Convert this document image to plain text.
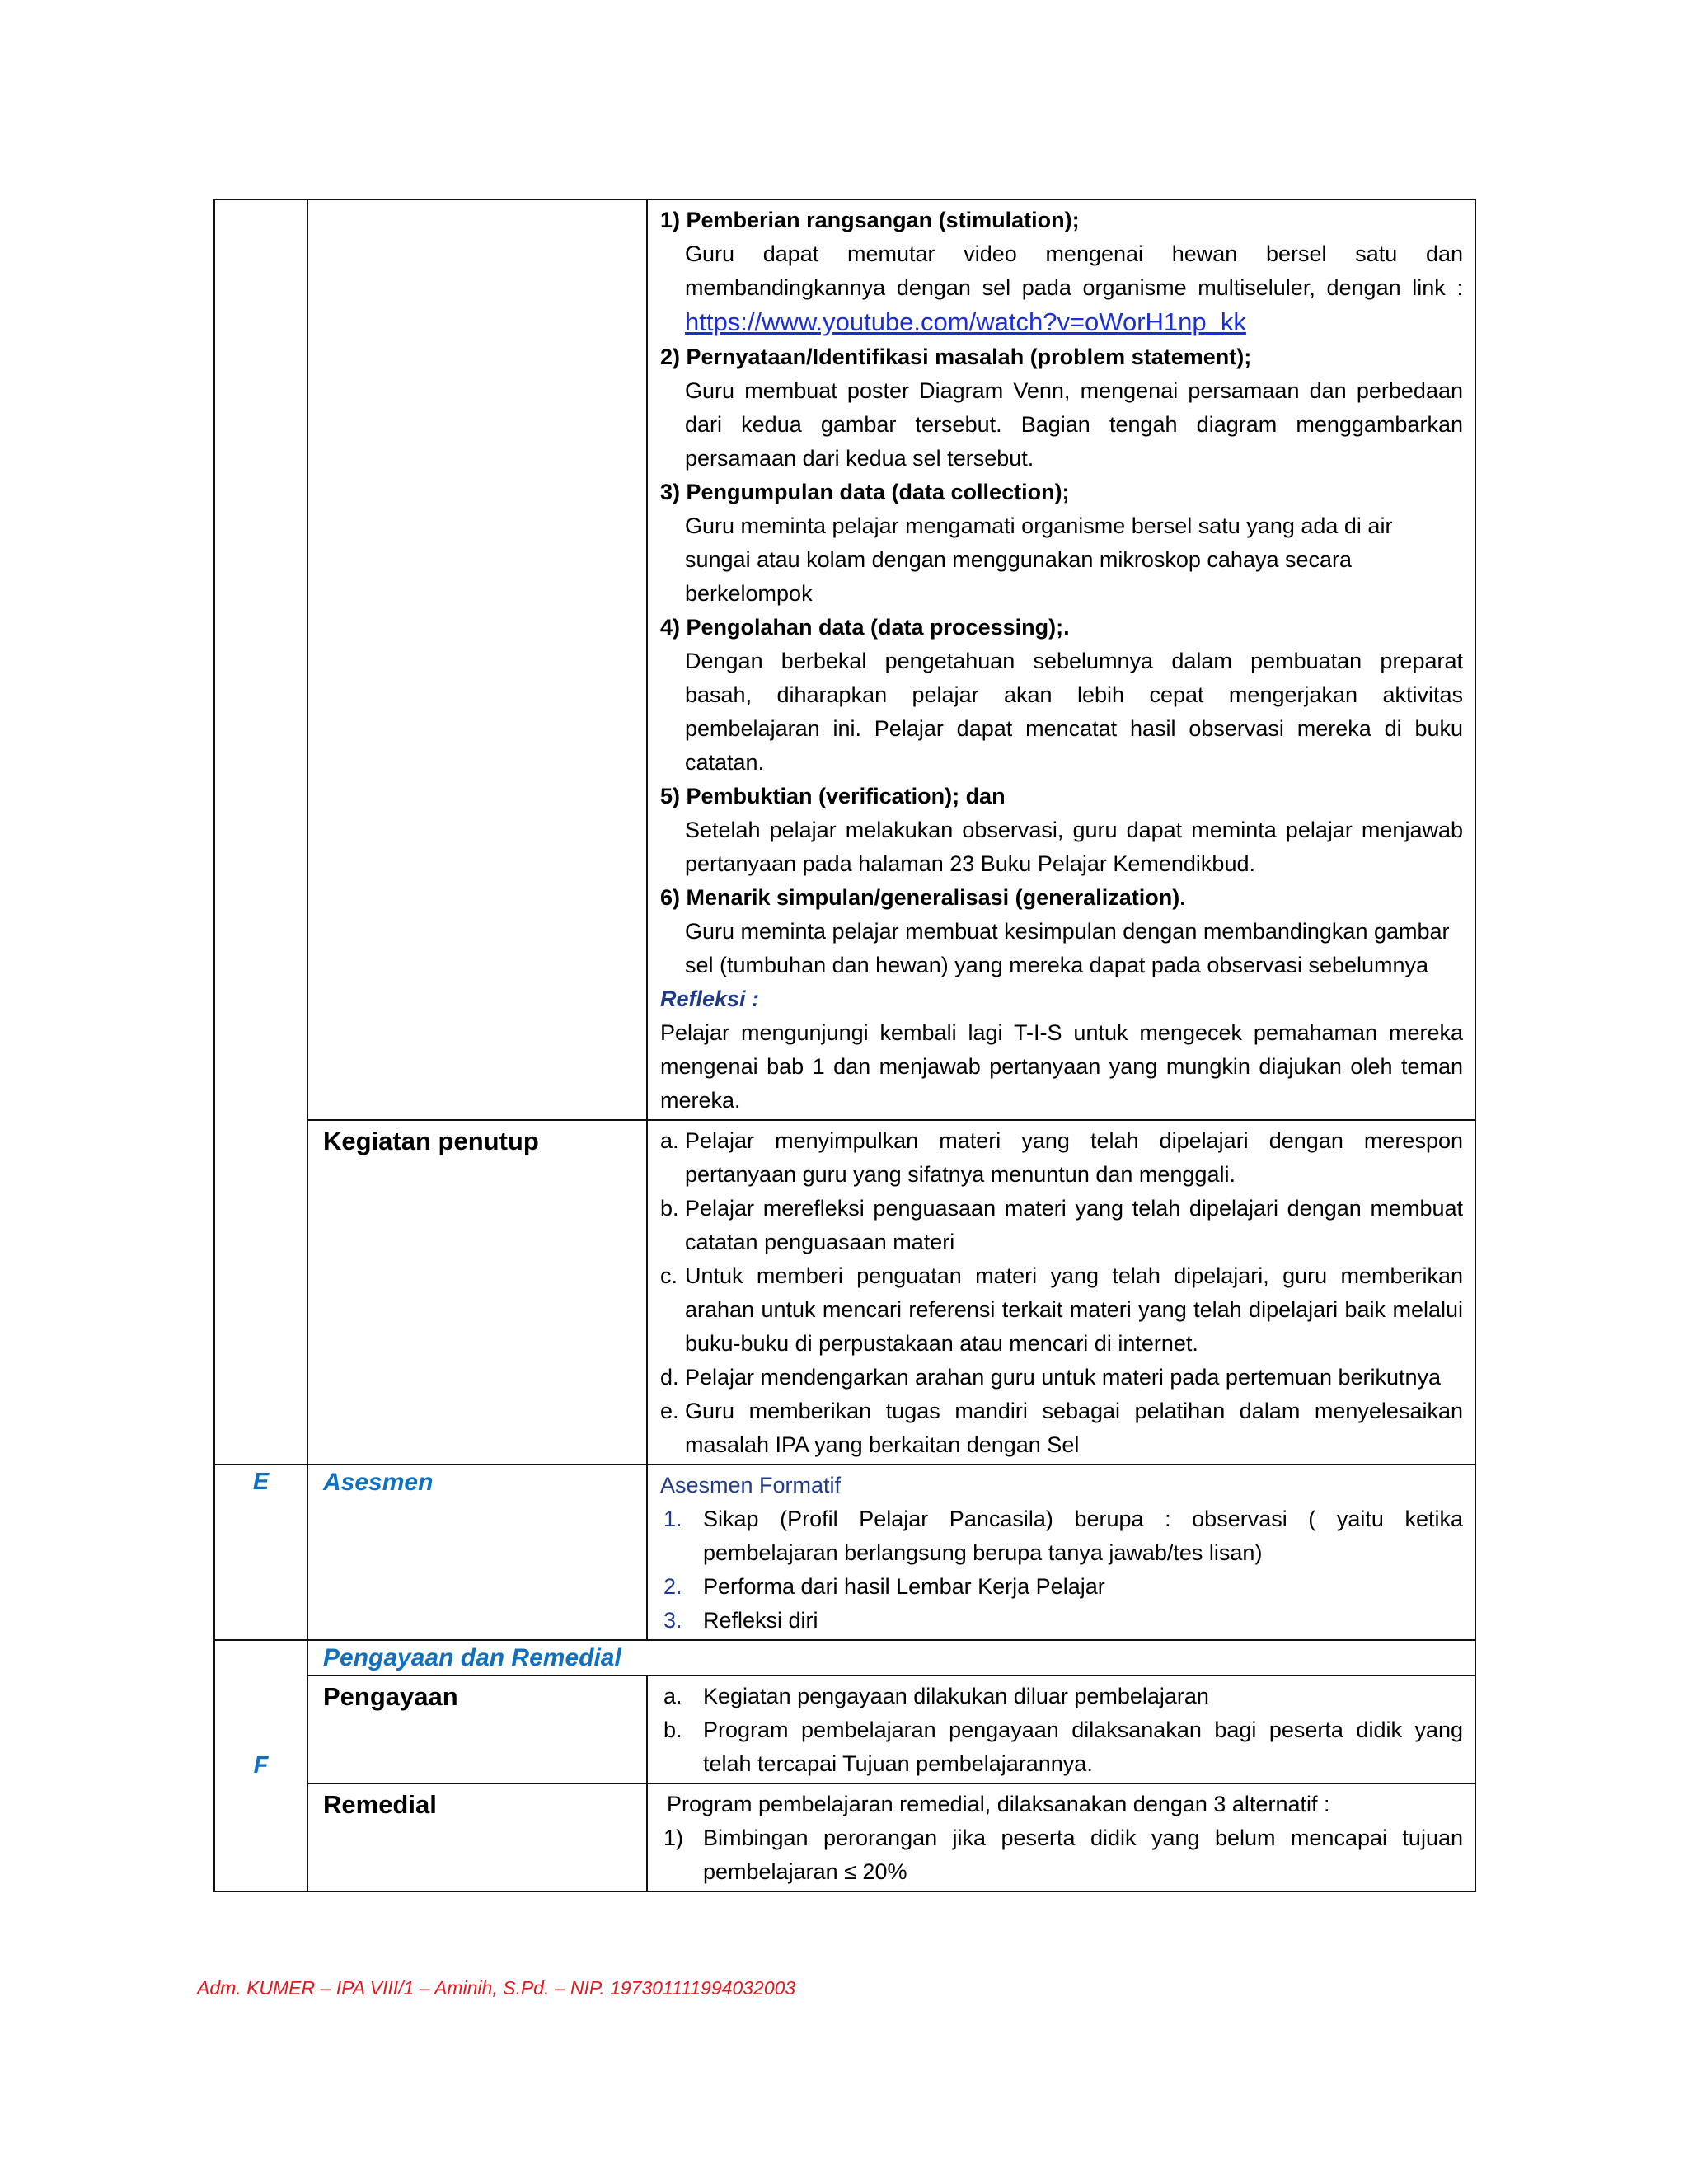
1) Pemberian rangsangan (stimulation);

Guru dapat memutar video mengenai hewan bersel satu dan membandingkannya dengan sel pada organisme multiseluler, dengan link : https://www.youtube.com/watch?v=oWorH1np_kk

2) Pernyataan/Identifikasi masalah (problem statement);

Guru membuat poster Diagram Venn, mengenai persamaan dan perbedaan dari kedua gambar tersebut. Bagian tengah diagram menggambarkan persamaan dari kedua sel tersebut.

3) Pengumpulan data (data collection);

Guru meminta pelajar mengamati organisme bersel satu yang ada di air sungai atau kolam dengan menggunakan mikroskop cahaya secara berkelompok

4) Pengolahan data (data processing);.

Dengan berbekal pengetahuan sebelumnya dalam pembuatan preparat basah, diharapkan pelajar akan lebih cepat mengerjakan aktivitas pembelajaran ini. Pelajar dapat mencatat hasil observasi mereka di buku catatan.

5) Pembuktian (verification); dan

Setelah pelajar melakukan observasi, guru dapat meminta pelajar menjawab pertanyaan pada halaman 23 Buku Pelajar Kemendikbud.

6) Menarik simpulan/generalisasi (generalization).

Guru meminta pelajar membuat kesimpulan dengan membandingkan gambar sel (tumbuhan dan hewan) yang mereka dapat pada observasi sebelumnya

Refleksi :

Pelajar mengunjungi kembali lagi T-I-S untuk mengecek pemahaman mereka mengenai bab 1 dan menjawab pertanyaan yang mungkin diajukan oleh teman mereka.

Kegiatan penutup	a. Pelajar menyimpulkan materi yang telah dipelajari dengan merespon pertanyaan guru yang sifatnya menuntun dan menggali.
b. Pelajar merefleksi penguasaan materi yang telah dipelajari dengan membuat catatan penguasaan materi
c. Untuk memberi penguatan materi yang telah dipelajari, guru memberikan arahan untuk mencari referensi terkait materi yang telah dipelajari baik melalui buku-buku di perpustakaan atau mencari di internet.
d. Pelajar mendengarkan arahan guru untuk materi pada pertemuan berikutnya
e. Guru memberikan tugas mandiri sebagai pelatihan dalam menyelesaikan masalah IPA yang berkaitan dengan Sel

E	Asesmen	Asesmen Formatif

1. Sikap (Profil Pelajar Pancasila) berupa : observasi ( yaitu ketika pembelajaran berlangsung berupa tanya jawab/tes lisan)
2. Performa dari hasil Lembar Kerja Pelajar
3. Refleksi diri

F	Pengayaan dan Remedial	
Pengayaan	a. Kegiatan pengayaan dilakukan diluar pembelajaran
b. Program pembelajaran pengayaan dilaksanakan bagi peserta didik yang telah tercapai Tujuan pembelajarannya.

Remedial	Program pembelajaran remedial, dilaksanakan dengan 3 alternatif :

1) Bimbingan perorangan jika peserta didik yang belum mencapai tujuan pembelajaran ≤ 20%
Adm. KUMER – IPA VIII/1 – Aminih, S.Pd. – NIP. 197301111994032003
